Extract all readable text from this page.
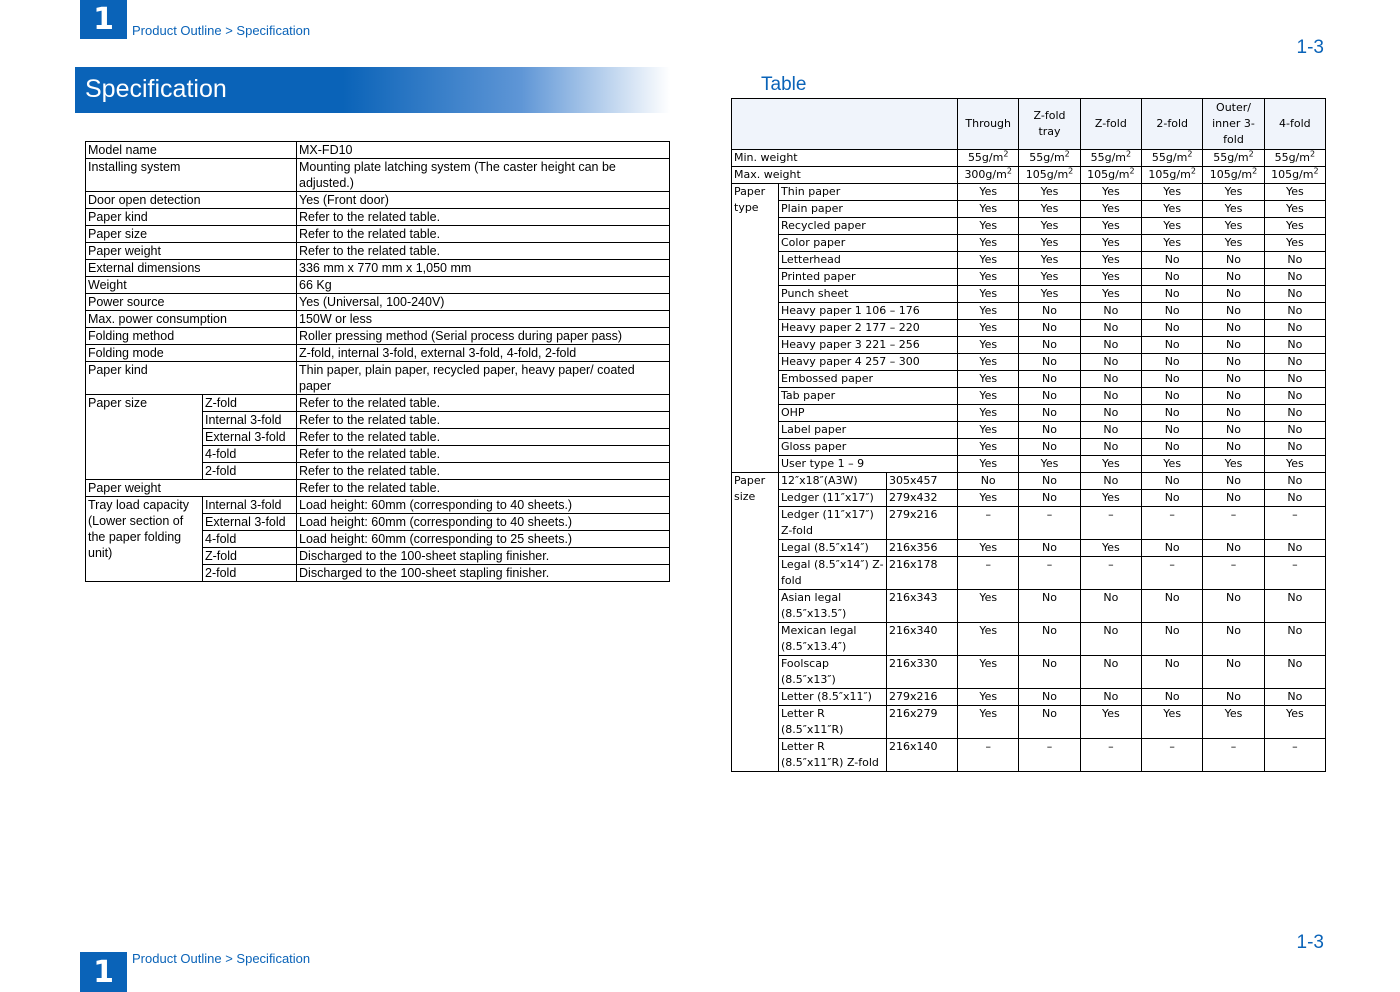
1 Product Outline > Specification
1-3
Specification	Table
Model name		MX-FD10
Installing system		Mounting plate latching system (The caster height can be adjusted.)
Door open detection		Yes (Front door)
Paper kind		Refer to the related table.
Paper size		Refer to the related table.
Paper weight		Refer to the related table.
External dimensions		336 mm x 770 mm x 1,050 mm
Weight		66 Kg
Power source		Yes (Universal, 100-240V)
Max. power consumption		150W or less
Folding method		Roller pressing method (Serial process during paper pass)
Folding mode		Z-fold, internal 3-fold, external 3-fold, 4-fold, 2-fold
Paper kind		Thin paper, plain paper, recycled paper, heavy paper/ coated paper
Paper size	Z-fold	Refer to the related table.
	Internal 3-fold	Refer to the related table.
	External 3-fold	Refer to the related table.
	4-fold	Refer to the related table.
	2-fold	Refer to the related table.
Paper weight		Refer to the related table.
Tray load capacity (Lower section of the paper folding unit)	Internal 3-fold	Load height: 60mm (corresponding to 40 sheets.)
	External 3-fold	Load height: 60mm (corresponding to 40 sheets.)
	4-fold	Load height: 60mm (corresponding to 25 sheets.)
	Z-fold	Discharged to the 100-sheet stapling finisher.
	2-fold	Discharged to the 100-sheet stapling finisher.
			Through	Z-fold tray	Z-fold	2-fold	Outer/ inner 3-fold	4-fold
Min. weight			$55g/m^2$	$55g/m^2$	$55g/m^2$	$55g/m^2$	$55g/m^2$	$55g/m^2$
Max. weight			$300g/m^2$	$105g/m^2$	$105g/m^2$	$105g/m^2$	$105g/m^2$	$105g/m^2$
Paper type	Thin paper		Yes	Yes	Yes	Yes	Yes	Yes
	Plain paper		Yes	Yes	Yes	Yes	Yes	Yes
	Recycled paper		Yes	Yes	Yes	Yes	Yes	Yes
	Color paper		Yes	Yes	Yes	Yes	Yes	Yes
	Letterhead		Yes	Yes	Yes	No	No	No
	Printed paper		Yes	Yes	Yes	No	No	No
	Punch sheet		Yes	Yes	Yes	No	No	No
	Heavy paper 1 106 – 176		Yes	No	No	No	No	No
	Heavy paper 2 177 – 220		Yes	No	No	No	No	No
	Heavy paper 3 221 – 256		Yes	No	No	No	No	No
	Heavy paper 4 257 – 300		Yes	No	No	No	No	No
	Embossed paper		Yes	No	No	No	No	No
	Tab paper		Yes	No	No	No	No	No
	OHP		Yes	No	No	No	No	No
	Label paper		Yes	No	No	No	No	No
	Gloss paper		Yes	No	No	No	No	No
	User type 1 – 9		Yes	Yes	Yes	Yes	Yes	Yes
Paper size	12″x18″(A3W)	305x457	No	No	No	No	No	No
	Ledger (11″x17″)	279x432	Yes	No	Yes	No	No	No
	Ledger (11″x17″) Z-fold	279x216	–	–	–	–	–	–
	Legal (8.5″x14″)	216x356	Yes	No	Yes	No	No	No
	Legal (8.5″x14″) Z-fold	216x178	–	–	–	–	–	–
	Asian legal (8.5″x13.5″)	216x343	Yes	No	No	No	No	No
	Mexican legal (8.5″x13.4″)	216x340	Yes	No	No	No	No	No
	Foolscap (8.5″x13″)	216x330	Yes	No	No	No	No	No
	Letter (8.5″x11″)	279x216	Yes	No	No	No	No	No
	Letter R (8.5″x11″R)	216x279	Yes	No	Yes	Yes	Yes	Yes
	Letter R (8.5″x11″R) Z-fold	216x140	–	–	–	–	–	–
1 Product Outline > Specification
1-3
